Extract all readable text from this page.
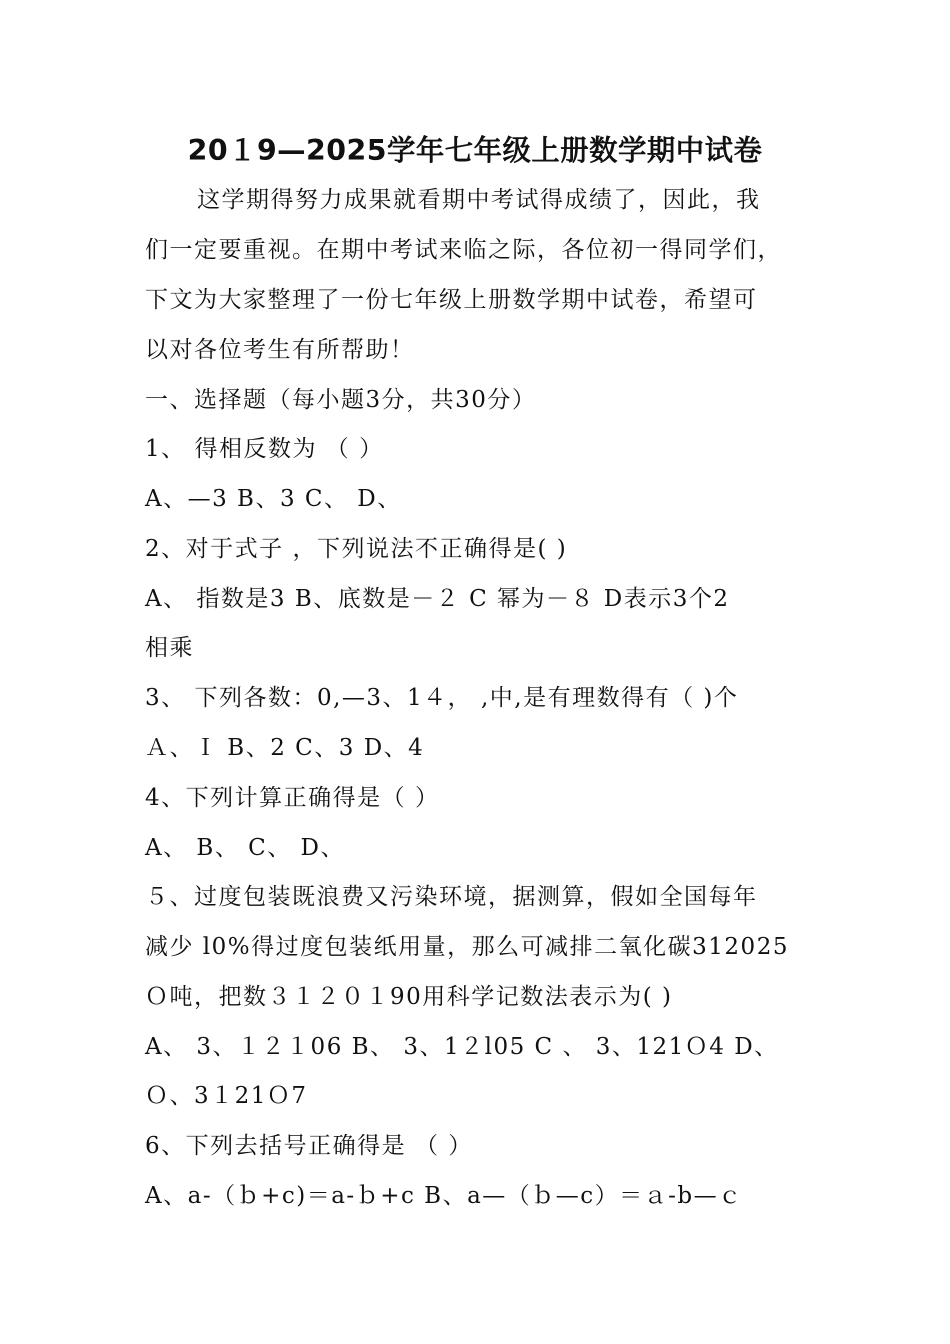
20１9—2025学年七年级上册数学期中试卷
这学期得努力成果就看期中考试得成绩了，因此，我
们一定要重视。在期中考试来临之际，各位初一得同学们，
下文为大家整理了一份七年级上册数学期中试卷，希望可
以对各位考生有所帮助！
一、选择题（每小题3分，共30分）
1、 得相反数为 （ ）
A、—3 B、3 C、 D、
2、对于式子 ，下列说法不正确得是( )
A、 指数是3 B、底数是－２ C 幂为－８ D表示3个2
相乘
3、 下列各数：0,—3、1４， ,中,是有理数得有（ )个
Ａ、Ｉ B、2 C、3 D、4
4、下列计算正确得是（ ）
A、 B、 C、 D、
５、过度包装既浪费又污染环境，据测算，假如全国每年
减少 l0%得过度包装纸用量，那么可减排二氧化碳312025
Ｏ吨，把数３１２０１90用科学记数法表示为( )
A、 3、１２１06 B、 3、1２l05 C 、 3、121Ｏ4 D、
Ｏ、3１21Ｏ7
6、下列去括号正确得是 （ ）
A、a-（ｂ+c)＝a-ｂ+c B、a—（ｂ—c）＝ａ-b—ｃ
